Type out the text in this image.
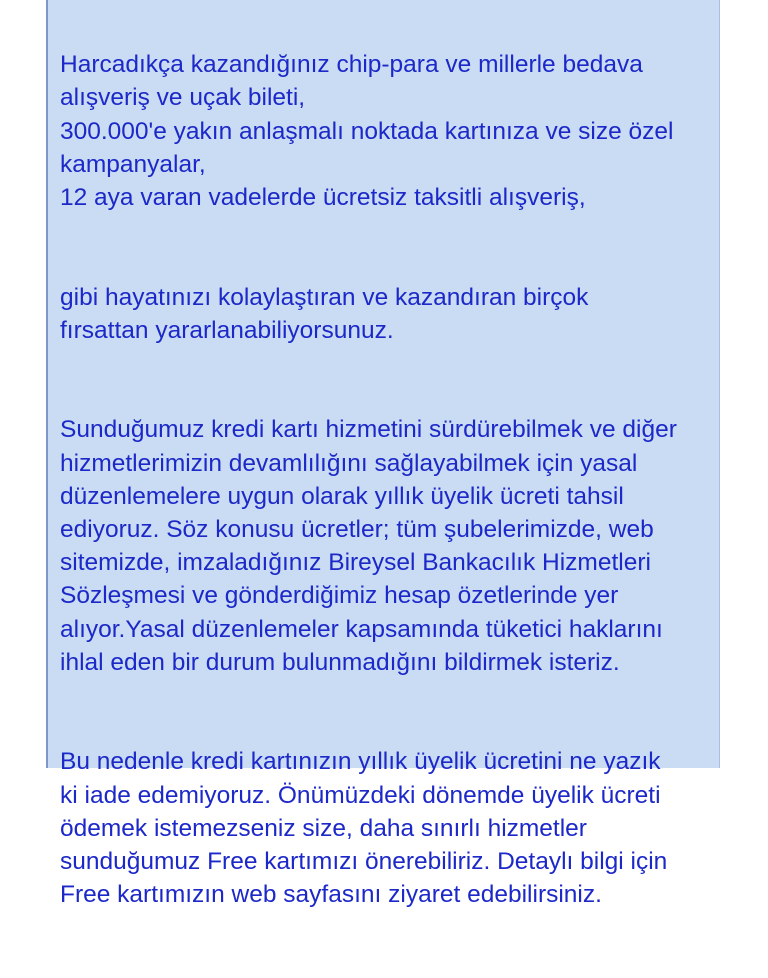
Harcadıkça kazandığınız chip-para ve millerle bedava
alışveriş ve uçak bileti,
300.000'e yakın anlaşmalı noktada kartınıza ve size özel
kampanyalar,
12 aya varan vadelerde ücretsiz taksitli alışveriş,

gibi hayatınızı kolaylaştıran ve kazandıran birçok
fırsattan yararlanabiliyorsunuz.

Sunduğumuz kredi kartı hizmetini sürdürebilmek ve diğer
hizmetlerimizin devamlılığını sağlayabilmek için yasal
düzenlemelere uygun olarak yıllık üyelik ücreti tahsil
ediyoruz. Söz konusu ücretler; tüm şubelerimizde, web
sitemizde, imzaladığınız Bireysel Bankacılık Hizmetleri
Sözleşmesi ve gönderdiğimiz hesap özetlerinde yer
alıyor.Yasal düzenlemeler kapsamında tüketici haklarını
ihlal eden bir durum bulunmadığını bildirmek isteriz.

Bu nedenle kredi kartınızın yıllık üyelik ücretini ne yazık
ki iade edemiyoruz. Önümüzdeki dönemde üyelik ücreti
ödemek istemezseniz size, daha sınırlı hizmetler
sunduğumuz Free kartımızı önerebiliriz. Detaylı bilgi için
Free kartımızın web sayfasını ziyaret edebilirsiniz.
